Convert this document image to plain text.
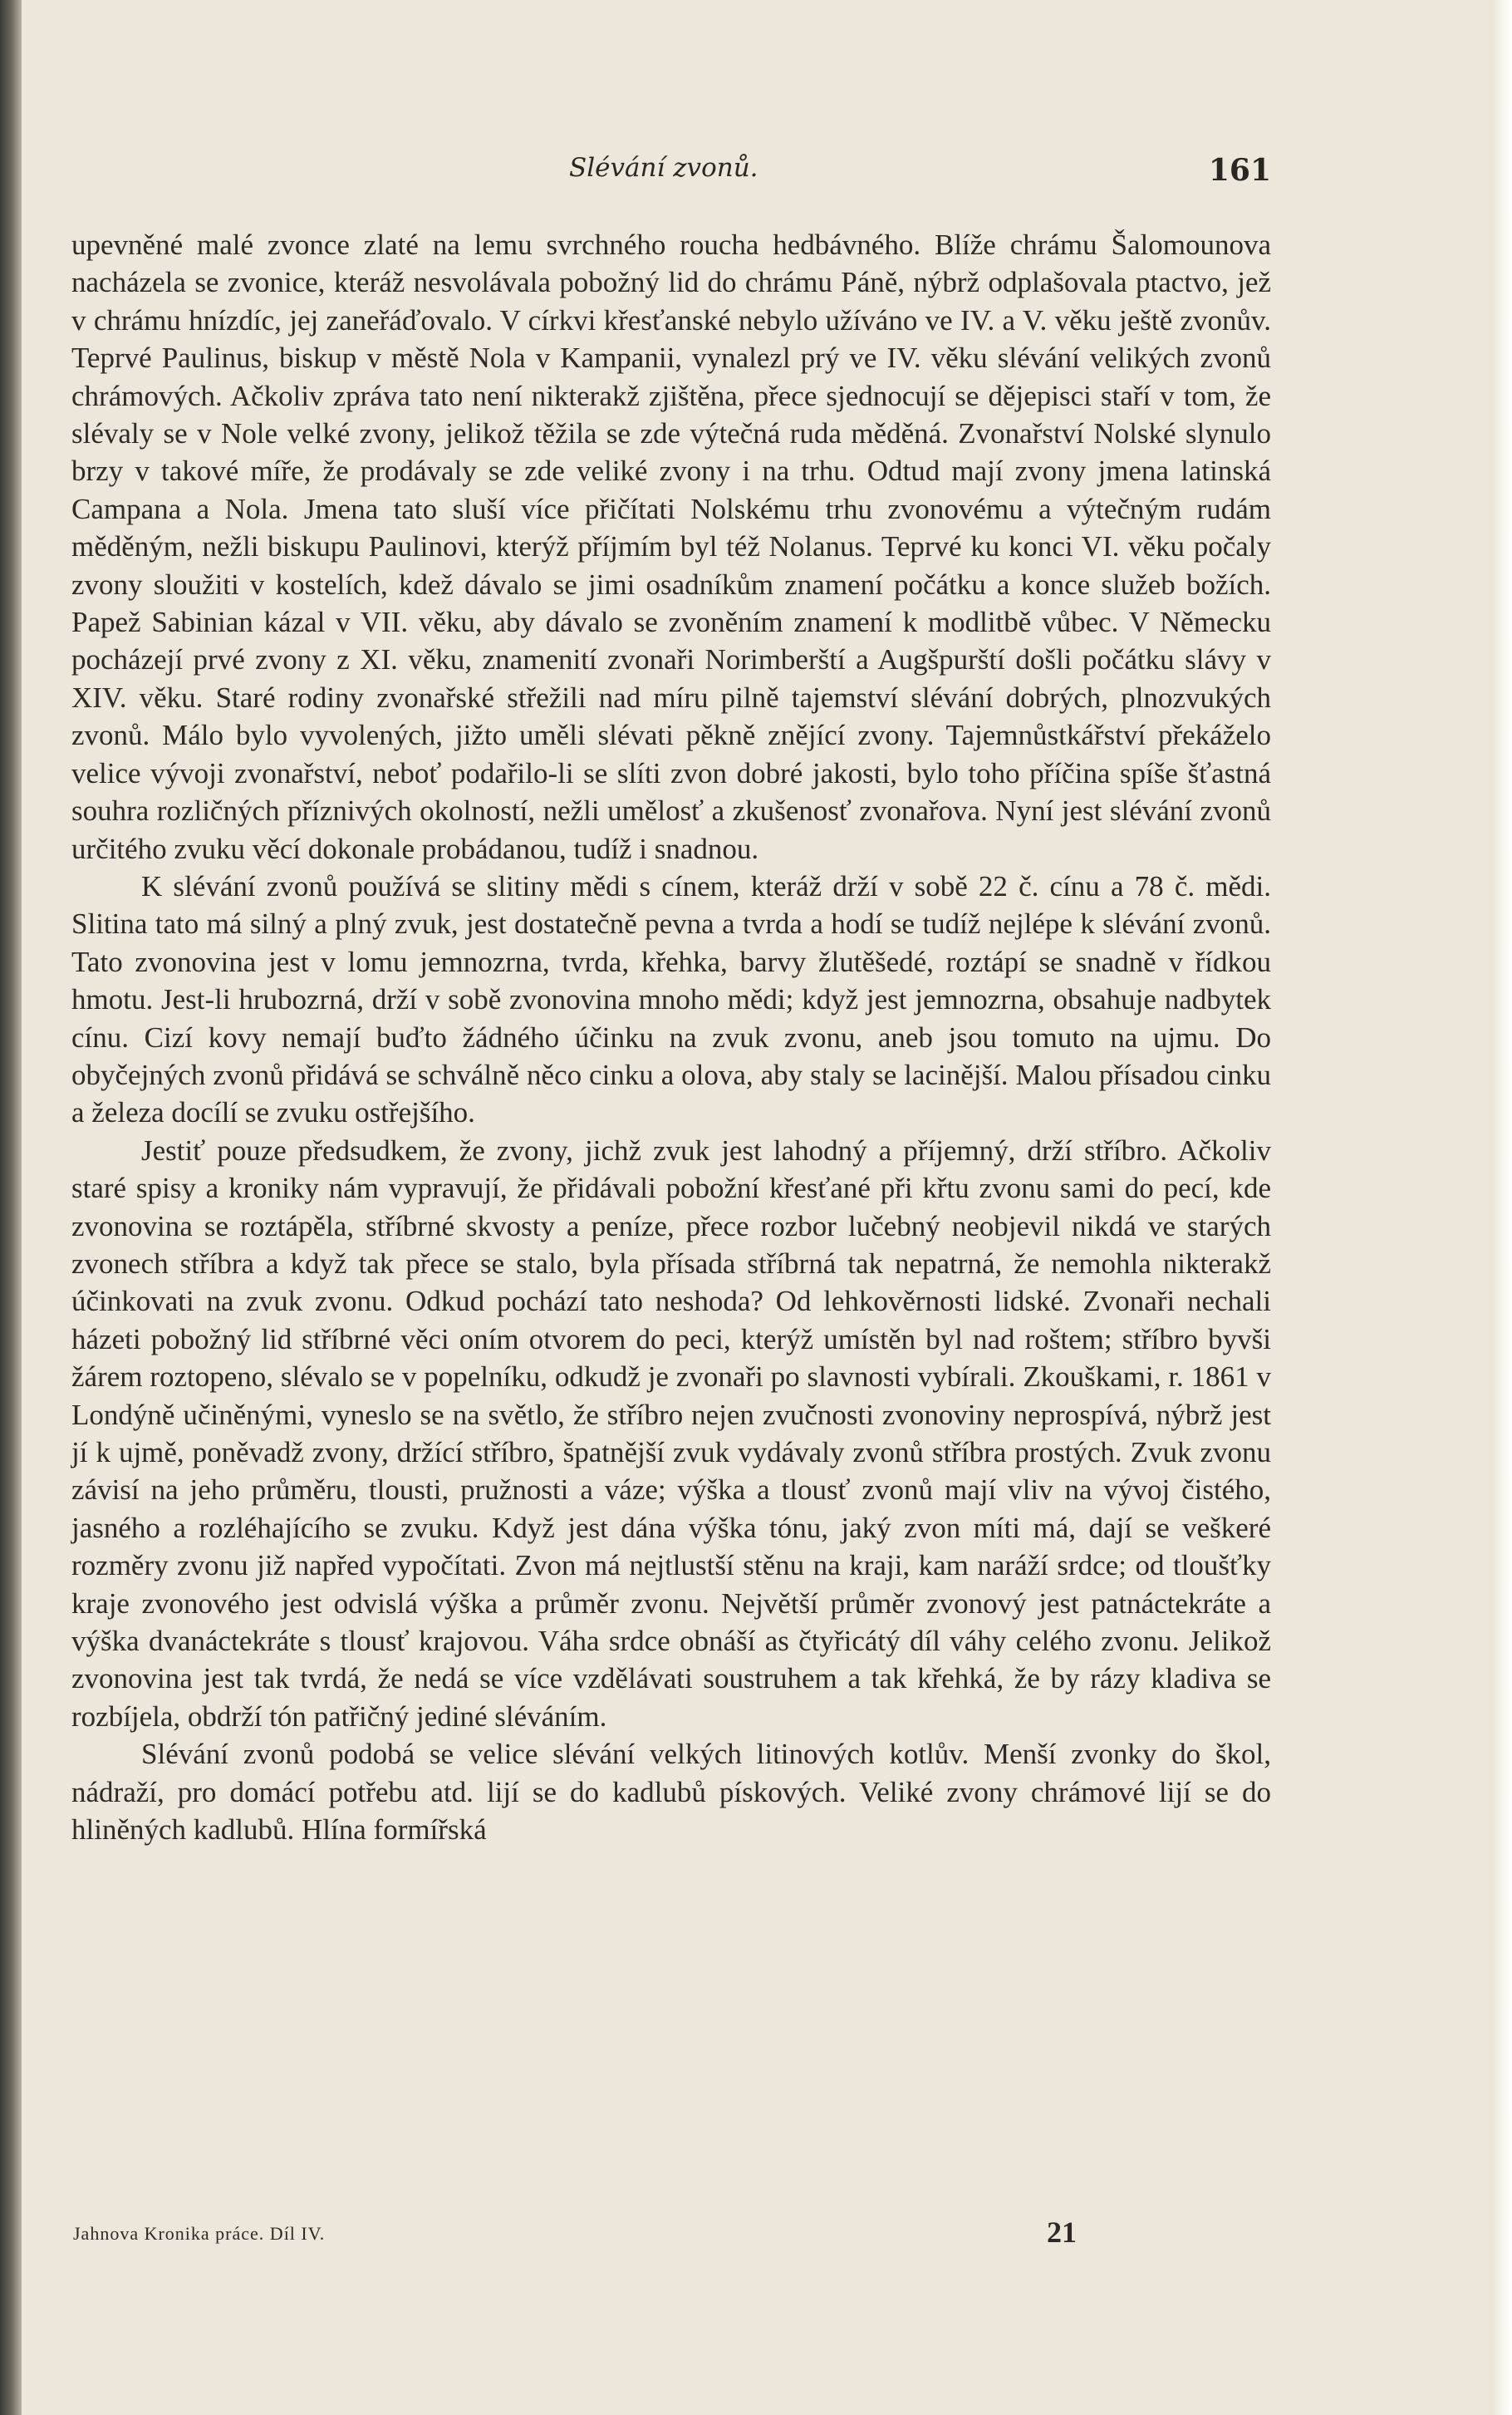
Slévání zvonů.	161

upevněné malé zvonce zlaté na lemu svrchného roucha hedbávného. Blíže chrámu Šalomounova nacházela se zvonice, kteráž nesvolávala pobožný lid do chrámu Páně, nýbrž odplašovala ptactvo, jež v chrámu hnízdíc, jej zaneřáďovalo. V církvi křesťanské nebylo užíváno ve IV. a V. věku ještě zvonův. Teprvé Paulinus, biskup v městě Nola v Kampanii, vynalezl prý ve IV. věku slévání velikých zvonů chrámových. Ačkoliv zpráva tato není nikterakž zjištěna, přece sjednocují se dějepisci staří v tom, že slévaly se v Nole velké zvony, jelikož těžila se zde výtečná ruda měděná. Zvonařství Nolské slynulo brzy v takové míře, že prodávaly se zde veliké zvony i na trhu. Odtud mají zvony jmena latinská Campana a Nola. Jmena tato sluší více přičítati Nolskému trhu zvonovému a výtečným rudám měděným, nežli biskupu Paulinovi, kterýž příjmím byl též Nolanus. Teprvé ku konci VI. věku počaly zvony sloužiti v kostelích, kdež dávalo se jimi osadníkům znamení počátku a konce služeb božích. Papež Sabinian kázal v VII. věku, aby dávalo se zvoněním znamení k modlitbě vůbec. V Německu pocházejí prvé zvony z XI. věku, znamenití zvonaři Norimberští a Augšpurští došli počátku slávy v XIV. věku. Staré rodiny zvonařské střežili nad míru pilně tajemství slévání dobrých, plnozvukých zvonů. Málo bylo vyvolených, jižto uměli slévati pěkně znějící zvony. Tajemnůstkářství překáželo velice vývoji zvonařství, neboť podařilo-li se slíti zvon dobré jakosti, bylo toho příčina spíše šťastná souhra rozličných příznivých okolností, nežli umělosť a zkušenosť zvonařova. Nyní jest slévání zvonů určitého zvuku věcí dokonale probádanou, tudíž i snadnou.

K slévání zvonů používá se slitiny mědi s cínem, kteráž drží v sobě 22 č. cínu a 78 č. mědi. Slitina tato má silný a plný zvuk, jest dostatečně pevna a tvrda a hodí se tudíž nejlépe k slévání zvonů. Tato zvonovina jest v lomu jemnozrna, tvrda, křehka, barvy žlutěšedé, roztápí se snadně v řídkou hmotu. Jest-li hrubozrná, drží v sobě zvonovina mnoho mědi; když jest jemnozrna, obsahuje nadbytek cínu. Cizí kovy nemají buďto žádného účinku na zvuk zvonu, aneb jsou tomuto na ujmu. Do obyčejných zvonů přidává se schválně něco cinku a olova, aby staly se lacinější. Malou přísadou cinku a železa docílí se zvuku ostřejšího.

Jestiť pouze předsudkem, že zvony, jichž zvuk jest lahodný a příjemný, drží stříbro. Ačkoliv staré spisy a kroniky nám vypravují, že přidávali pobožní křesťané při křtu zvonu sami do pecí, kde zvonovina se roztápěla, stříbrné skvosty a peníze, přece rozbor lučebný neobjevil nikdá ve starých zvonech stříbra a když tak přece se stalo, byla přísada stříbrná tak nepatrná, že nemohla nikterakž účinkovati na zvuk zvonu. Odkud pochází tato neshoda? Od lehkověrnosti lidské. Zvonaři nechali házeti pobožný lid stříbrné věci oním otvorem do peci, kterýž umístěn byl nad roštem; stříbro byvši žárem roztopeno, slévalo se v popelníku, odkudž je zvonaři po slavnosti vybírali. Zkouškami, r. 1861 v Londýně učiněnými, vyneslo se na světlo, že stříbro nejen zvučnosti zvonoviny neprospívá, nýbrž jest jí k ujmě, poněvadž zvony, držící stříbro, špatnější zvuk vydávaly zvonů stříbra prostých. Zvuk zvonu závisí na jeho průměru, tlousti, pružnosti a váze; výška a tlousť zvonů mají vliv na vývoj čistého, jasného a rozléhajícího se zvuku. Když jest dána výška tónu, jaký zvon míti má, dají se veškeré rozměry zvonu již napřed vypočítati. Zvon má nejtlustší stěnu na kraji, kam naráží srdce; od tloušťky kraje zvonového jest odvislá výška a průměr zvonu. Největší průměr zvonový jest patnáctekráte a výška dvanáctekráte s tlousť krajovou. Váha srdce obnáší as čtyřicátý díl váhy celého zvonu. Jelikož zvonovina jest tak tvrdá, že nedá se více vzdělávati soustruhem a tak křehká, že by rázy kladiva se rozbíjela, obdrží tón patřičný jediné sléváním.

Slévání zvonů podobá se velice slévání velkých litinových kotlův. Menší zvonky do škol, nádraží, pro domácí potřebu atd. lijí se do kadlubů pískových. Veliké zvony chrámové lijí se do hliněných kadlubů. Hlína formířská

Jahnova Kronika práce. Díl IV.	21
